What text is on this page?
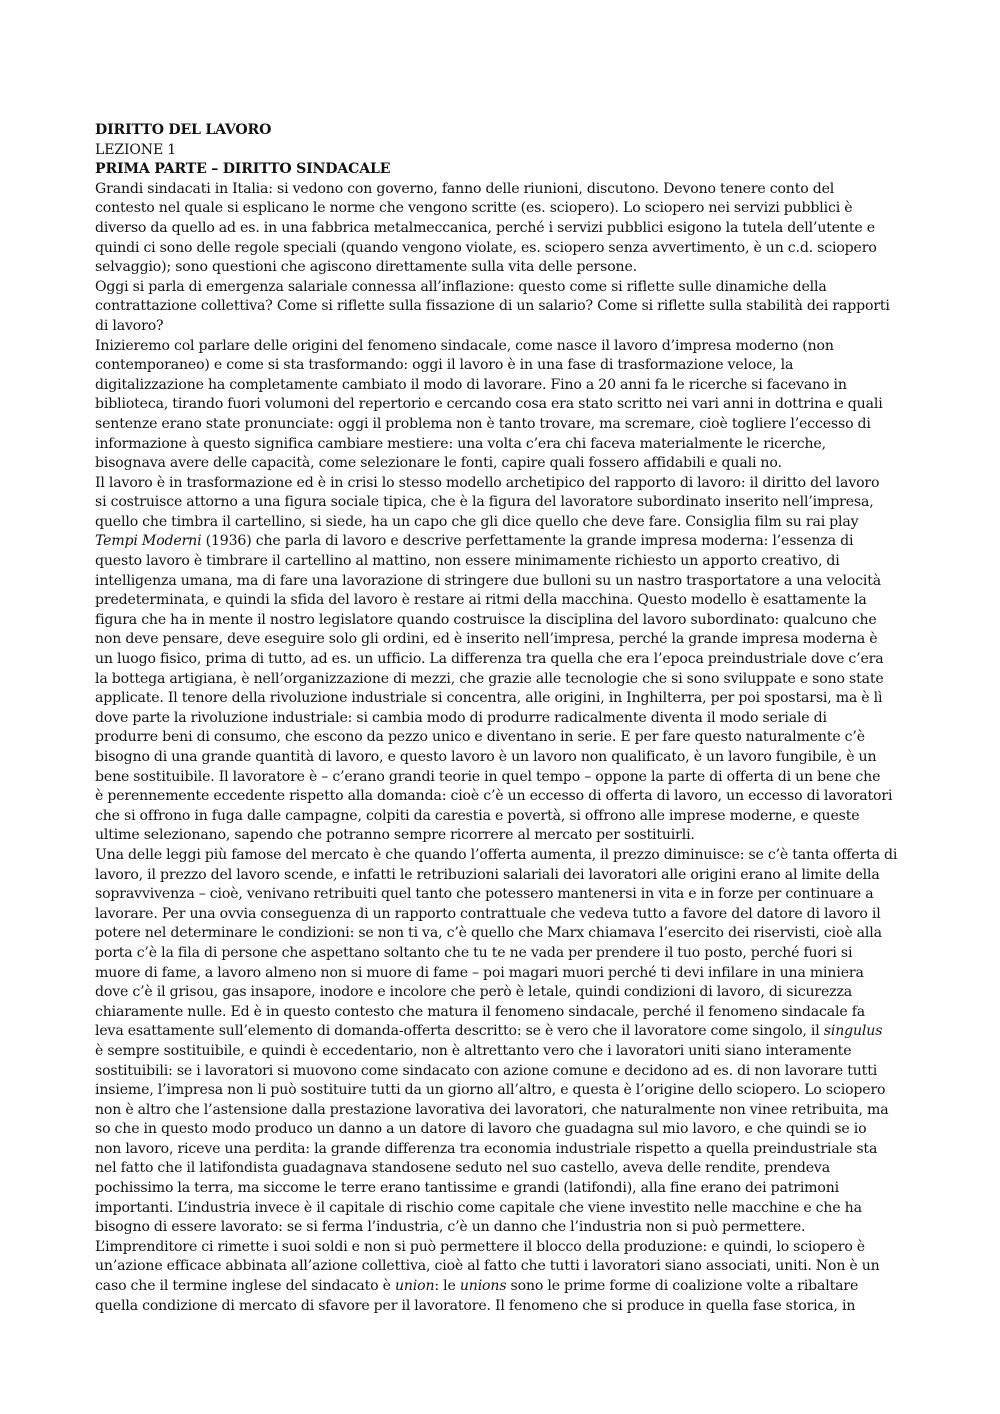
DIRITTO DEL LAVORO
LEZIONE 1
PRIMA PARTE – DIRITTO SINDACALE
Grandi sindacati in Italia: si vedono con governo, fanno delle riunioni, discutono. Devono tenere conto del
contesto nel quale si esplicano le norme che vengono scritte (es. sciopero). Lo sciopero nei servizi pubblici è
diverso da quello ad es. in una fabbrica metalmeccanica, perché i servizi pubblici esigono la tutela dell’utente e
quindi ci sono delle regole speciali (quando vengono violate, es. sciopero senza avvertimento, è un c.d. sciopero
selvaggio); sono questioni che agiscono direttamente sulla vita delle persone.
Oggi si parla di emergenza salariale connessa all’inflazione: questo come si riflette sulle dinamiche della
contrattazione collettiva? Come si riflette sulla fissazione di un salario? Come si riflette sulla stabilità dei rapporti
di lavoro?
Inizieremo col parlare delle origini del fenomeno sindacale, come nasce il lavoro d’impresa moderno (non
contemporaneo) e come si sta trasformando: oggi il lavoro è in una fase di trasformazione veloce, la
digitalizzazione ha completamente cambiato il modo di lavorare. Fino a 20 anni fa le ricerche si facevano in
biblioteca, tirando fuori volumoni del repertorio e cercando cosa era stato scritto nei vari anni in dottrina e quali
sentenze erano state pronunciate: oggi il problema non è tanto trovare, ma scremare, cioè togliere l’eccesso di
informazione à questo significa cambiare mestiere: una volta c’era chi faceva materialmente le ricerche,
bisognava avere delle capacità, come selezionare le fonti, capire quali fossero affidabili e quali no.
Il lavoro è in trasformazione ed è in crisi lo stesso modello archetipico del rapporto di lavoro: il diritto del lavoro
si costruisce attorno a una figura sociale tipica, che è la figura del lavoratore subordinato inserito nell’impresa,
quello che timbra il cartellino, si siede, ha un capo che gli dice quello che deve fare. Consiglia film su rai play
Tempi Moderni (1936) che parla di lavoro e descrive perfettamente la grande impresa moderna: l’essenza di
questo lavoro è timbrare il cartellino al mattino, non essere minimamente richiesto un apporto creativo, di
intelligenza umana, ma di fare una lavorazione di stringere due bulloni su un nastro trasportatore a una velocità
predeterminata, e quindi la sfida del lavoro è restare ai ritmi della macchina. Questo modello è esattamente la
figura che ha in mente il nostro legislatore quando costruisce la disciplina del lavoro subordinato: qualcuno che
non deve pensare, deve eseguire solo gli ordini, ed è inserito nell’impresa, perché la grande impresa moderna è
un luogo fisico, prima di tutto, ad es. un ufficio. La differenza tra quella che era l’epoca preindustriale dove c’era
la bottega artigiana, è nell’organizzazione di mezzi, che grazie alle tecnologie che si sono sviluppate e sono state
applicate. Il tenore della rivoluzione industriale si concentra, alle origini, in Inghilterra, per poi spostarsi, ma è lì
dove parte la rivoluzione industriale: si cambia modo di produrre radicalmente diventa il modo seriale di
produrre beni di consumo, che escono da pezzo unico e diventano in serie. E per fare questo naturalmente c’è
bisogno di una grande quantità di lavoro, e questo lavoro è un lavoro non qualificato, è un lavoro fungibile, è un
bene sostituibile. Il lavoratore è – c’erano grandi teorie in quel tempo – oppone la parte di offerta di un bene che
è perennemente eccedente rispetto alla domanda: cioè c’è un eccesso di offerta di lavoro, un eccesso di lavoratori
che si offrono in fuga dalle campagne, colpiti da carestia e povertà, si offrono alle imprese moderne, e queste
ultime selezionano, sapendo che potranno sempre ricorrere al mercato per sostituirli.
Una delle leggi più famose del mercato è che quando l’offerta aumenta, il prezzo diminuisce: se c’è tanta offerta di
lavoro, il prezzo del lavoro scende, e infatti le retribuzioni salariali dei lavoratori alle origini erano al limite della
sopravvivenza – cioè, venivano retribuiti quel tanto che potessero mantenersi in vita e in forze per continuare a
lavorare. Per una ovvia conseguenza di un rapporto contrattuale che vedeva tutto a favore del datore di lavoro il
potere nel determinare le condizioni: se non ti va, c’è quello che Marx chiamava l’esercito dei riservisti, cioè alla
porta c’è la fila di persone che aspettano soltanto che tu te ne vada per prendere il tuo posto, perché fuori si
muore di fame, a lavoro almeno non si muore di fame – poi magari muori perché ti devi infilare in una miniera
dove c’è il grisou, gas insapore, inodore e incolore che però è letale, quindi condizioni di lavoro, di sicurezza
chiaramente nulle. Ed è in questo contesto che matura il fenomeno sindacale, perché il fenomeno sindacale fa
leva esattamente sull’elemento di domanda-offerta descritto: se è vero che il lavoratore come singolo, il singulus
è sempre sostituibile, e quindi è eccedentario, non è altrettanto vero che i lavoratori uniti siano interamente
sostituibili: se i lavoratori si muovono come sindacato con azione comune e decidono ad es. di non lavorare tutti
insieme, l’impresa non li può sostituire tutti da un giorno all’altro, e questa è l’origine dello sciopero. Lo sciopero
non è altro che l’astensione dalla prestazione lavorativa dei lavoratori, che naturalmente non vinee retribuita, ma
so che in questo modo produco un danno a un datore di lavoro che guadagna sul mio lavoro, e che quindi se io
non lavoro, riceve una perdita: la grande differenza tra economia industriale rispetto a quella preindustriale sta
nel fatto che il latifondista guadagnava standosene seduto nel suo castello, aveva delle rendite, prendeva
pochissimo la terra, ma siccome le terre erano tantissime e grandi (latifondi), alla fine erano dei patrimoni
importanti. L’industria invece è il capitale di rischio come capitale che viene investito nelle macchine e che ha
bisogno di essere lavorato: se si ferma l’industria, c’è un danno che l’industria non si può permettere.
L’imprenditore ci rimette i suoi soldi e non si può permettere il blocco della produzione: e quindi, lo sciopero è
un’azione efficace abbinata all’azione collettiva, cioè al fatto che tutti i lavoratori siano associati, uniti. Non è un
caso che il termine inglese del sindacato è union: le unions sono le prime forme di coalizione volte a ribaltare
quella condizione di mercato di sfavore per il lavoratore. Il fenomeno che si produce in quella fase storica, in
